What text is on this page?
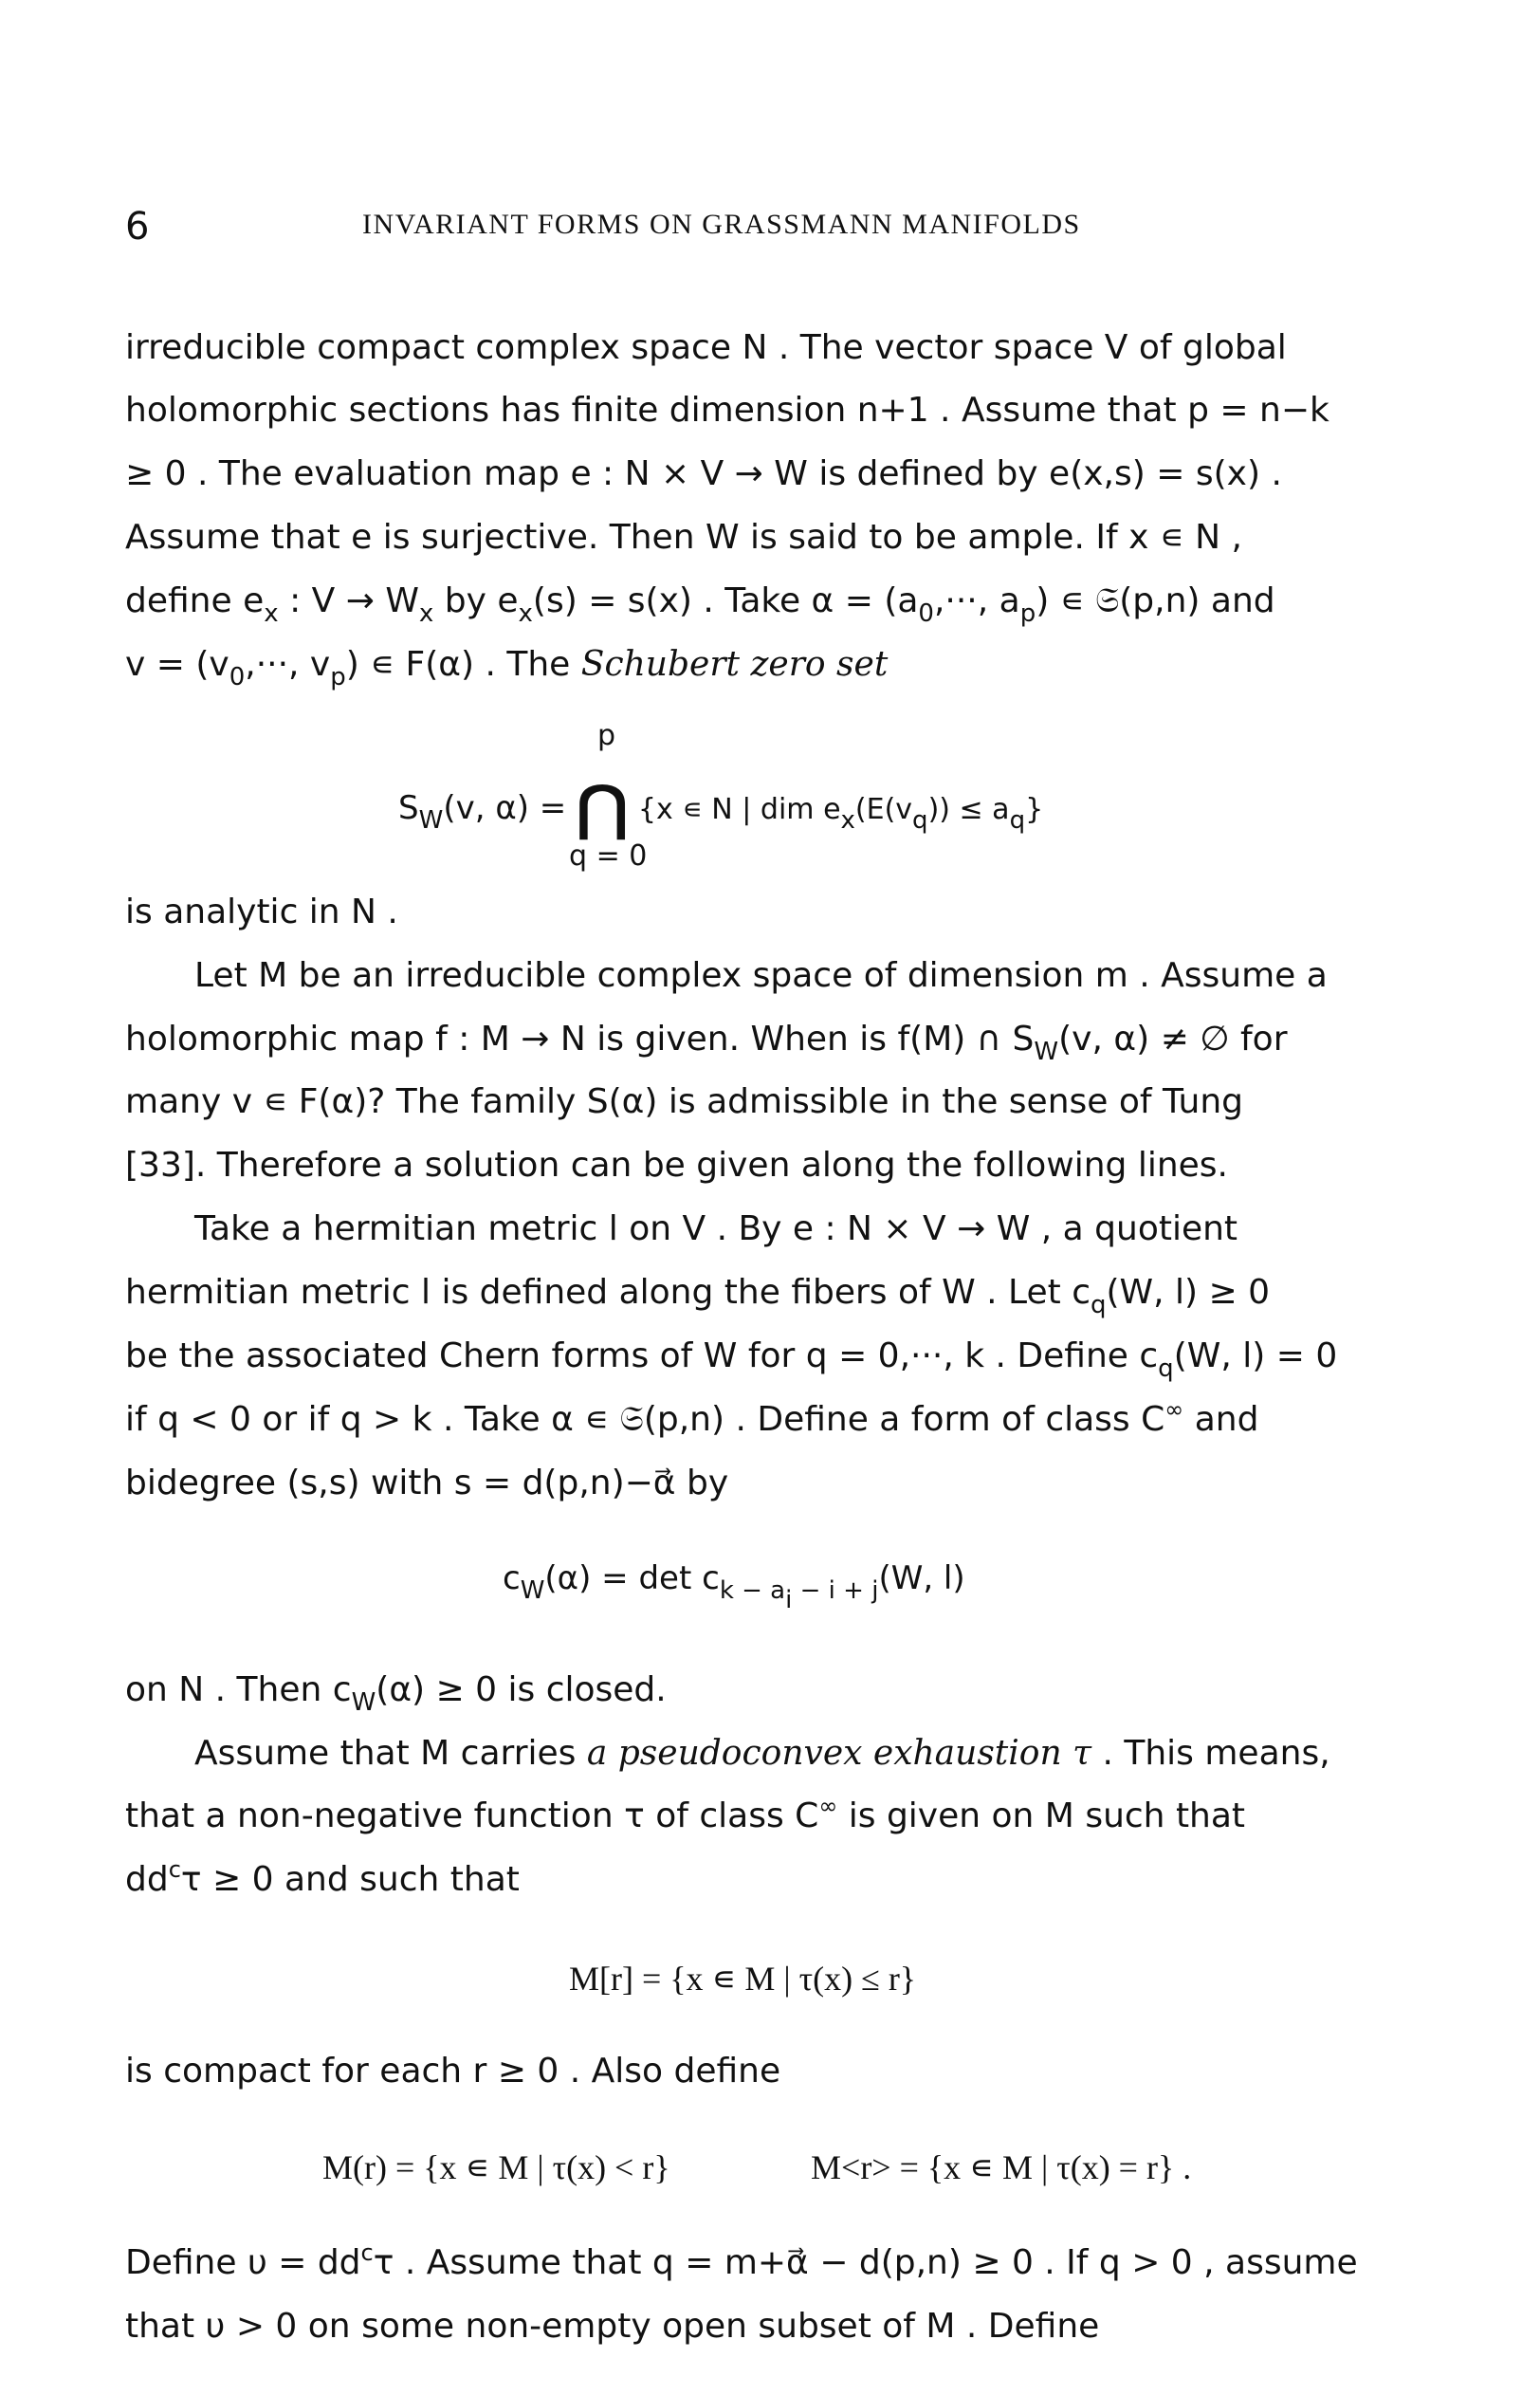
6	INVARIANT FORMS ON GRASSMANN MANIFOLDS
irreducible compact complex space N . The vector space V of global
holomorphic sections has finite dimension n+1 . Assume that p = n−k
≥ 0 . The evaluation map e : N × V → W is defined by e(x,s) = s(x) .
Assume that e is surjective. Then W is said to be ample. If x ∊ N ,
define $e_x$ : $V \to W_x$ by $e_x(s) = s(x)$ . Take $\alpha = (a_0,\cdot\cdot\cdot$, $a_p$) ∊ 𝔖(p,n) and
$v = (v_0,\cdot\cdot\cdot$, $v_p$) ∊ F(α) . The Schubert zero set
p
$S_W(v$, α) = ⋂ {x ∊ N | dim $e_x(E(v_q)) \le a_q$}
q = 0
is analytic in N .
Let M be an irreducible complex space of dimension m . Assume a
holomorphic map f : M → N is given. When is f(M) ∩ $S_W(v$, α) ≠ ∅ for
many v ∊ F(α)? The family S(α) is admissible in the sense of Tung
[33]. Therefore a solution can be given along the following lines.
Take a hermitian metric l on V . By e : N × V → W , a quotient
hermitian metric l is defined along the fibers of W . Let $c_q(W$, l) ≥ 0
be the associated Chern forms of W for q = 0,···, k . Define $c_q(W$, l) = 0
if q < 0 or if q > k . Take α ∊ 𝔖(p,n) . Define a form of class C∞ and
bidegree (s,s) with s = d(p,n)−α⃗ by
$c_W(\alpha) = \det c_{k - a_i - i + j}(W$, l)
on N . Then $c_W(\alpha) \ge 0$ is closed.
Assume that M carries a pseudoconvex exhaustion τ . This means,
that a non-negative function τ of class C∞ is given on M such that
$dd^c\tau \ge 0$ and such that
M[r] = {x ∊ M | τ(x) ≤ r}
is compact for each r ≥ 0 . Also define
M(r) = {x ∊ M | τ(x) < r}	M<r> = {x ∊ M | τ(x) = r} .
Define $\upsilon = dd^c\tau$ . Assume that q = m+α⃗ − d(p,n) ≥ 0 . If q > 0 , assume
that υ > 0 on some non-empty open subset of M . Define
